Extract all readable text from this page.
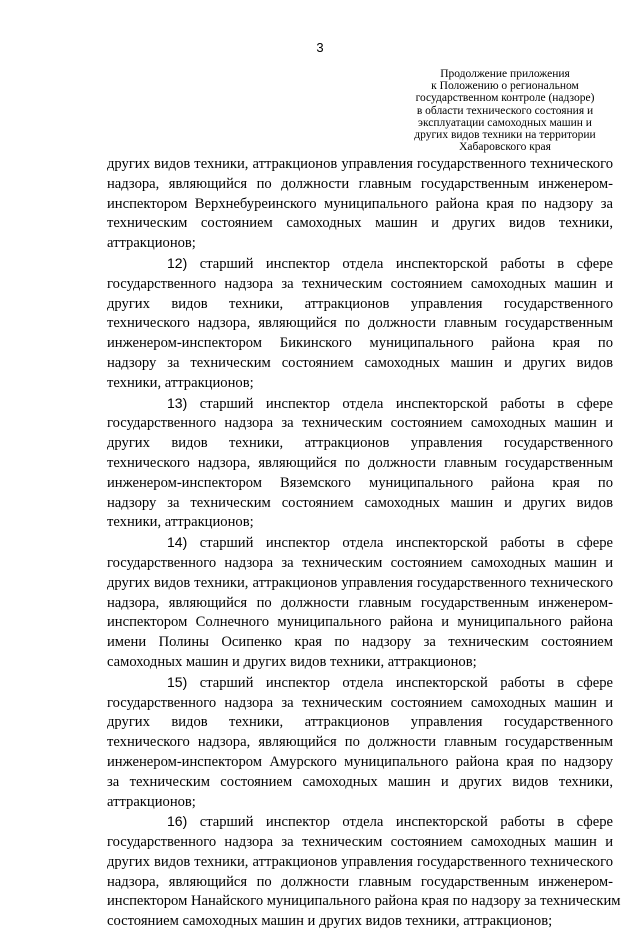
3
Продолжение приложения
к Положению о региональном
государственном контроле (надзоре)
в области технического состояния и
эксплуатации самоходных машин и
других видов техники на территории
Хабаровского края
других видов техники, аттракционов управления государственного технического
надзора, являющийся по должности главным государственным инженером-
инспектором Верхнебуреинского муниципального района края по надзору за
техническим состоянием самоходных машин и других видов техники,
аттракционов;
12) старший инспектор отдела инспекторской работы в сфере
государственного надзора за техническим состоянием самоходных машин и
других видов техники, аттракционов управления государственного
технического надзора, являющийся по должности главным государственным
инженером-инспектором Бикинского муниципального района края по
надзору за техническим состоянием самоходных машин и других видов
техники, аттракционов;
13) старший инспектор отдела инспекторской работы в сфере
государственного надзора за техническим состоянием самоходных машин и
других видов техники, аттракционов управления государственного
технического надзора, являющийся по должности главным государственным
инженером-инспектором Вяземского муниципального района края по
надзору за техническим состоянием самоходных машин и других видов
техники, аттракционов;
14) старший инспектор отдела инспекторской работы в сфере
государственного надзора за техническим состоянием самоходных машин и
других видов техники, аттракционов управления государственного технического
надзора, являющийся по должности главным государственным инженером-
инспектором Солнечного муниципального района и муниципального района
имени Полины Осипенко края по надзору за техническим состоянием
самоходных машин и других видов техники, аттракционов;
15) старший инспектор отдела инспекторской работы в сфере
государственного надзора за техническим состоянием самоходных машин и
других видов техники, аттракционов управления государственного
технического надзора, являющийся по должности главным государственным
инженером-инспектором Амурского муниципального района края по надзору
за техническим состоянием самоходных машин и других видов техники,
аттракционов;
16) старший инспектор отдела инспекторской работы в сфере
государственного надзора за техническим состоянием самоходных машин и
других видов техники, аттракционов управления государственного технического
надзора, являющийся по должности главным государственным инженером-
инспектором Нанайского муниципального района края по надзору за техническим
состоянием самоходных машин и других видов техники, аттракционов;
